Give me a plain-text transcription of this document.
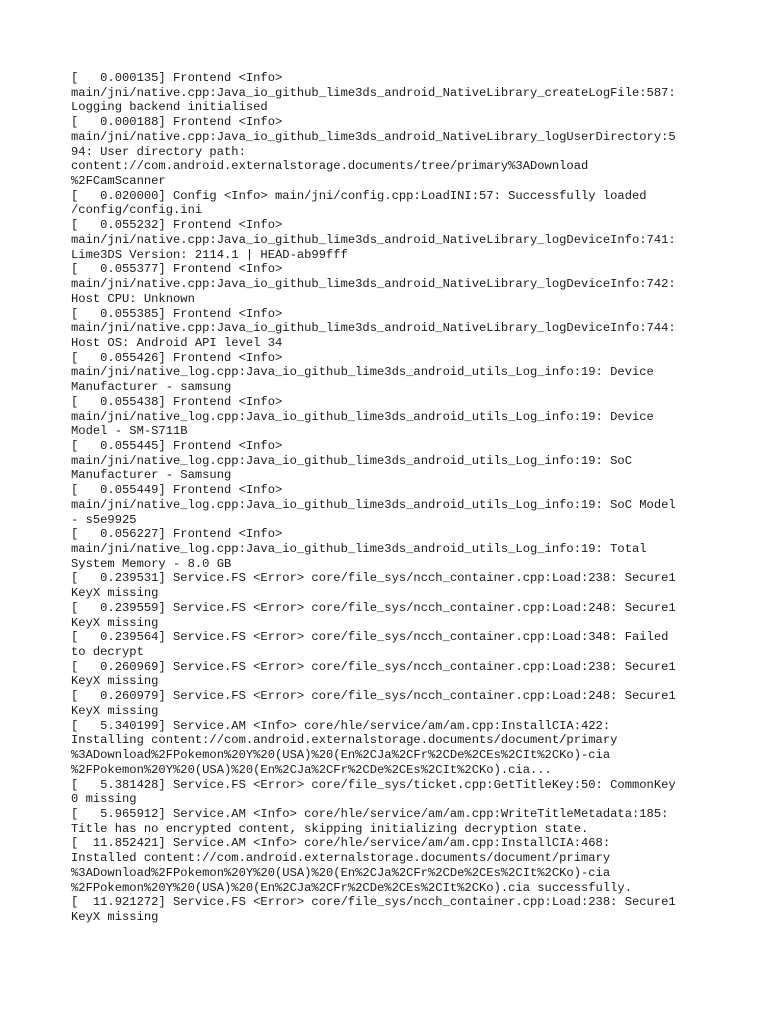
[   0.000135] Frontend <Info>
main/jni/native.cpp:Java_io_github_lime3ds_android_NativeLibrary_createLogFile:587:
Logging backend initialised
[   0.000188] Frontend <Info>
main/jni/native.cpp:Java_io_github_lime3ds_android_NativeLibrary_logUserDirectory:5
94: User directory path:
content://com.android.externalstorage.documents/tree/primary%3ADownload
%2FCamScanner
[   0.020000] Config <Info> main/jni/config.cpp:LoadINI:57: Successfully loaded
/config/config.ini
[   0.055232] Frontend <Info>
main/jni/native.cpp:Java_io_github_lime3ds_android_NativeLibrary_logDeviceInfo:741:
Lime3DS Version: 2114.1 | HEAD-ab99fff
[   0.055377] Frontend <Info>
main/jni/native.cpp:Java_io_github_lime3ds_android_NativeLibrary_logDeviceInfo:742:
Host CPU: Unknown
[   0.055385] Frontend <Info>
main/jni/native.cpp:Java_io_github_lime3ds_android_NativeLibrary_logDeviceInfo:744:
Host OS: Android API level 34
[   0.055426] Frontend <Info>
main/jni/native_log.cpp:Java_io_github_lime3ds_android_utils_Log_info:19: Device
Manufacturer - samsung
[   0.055438] Frontend <Info>
main/jni/native_log.cpp:Java_io_github_lime3ds_android_utils_Log_info:19: Device
Model - SM-S711B
[   0.055445] Frontend <Info>
main/jni/native_log.cpp:Java_io_github_lime3ds_android_utils_Log_info:19: SoC
Manufacturer - Samsung
[   0.055449] Frontend <Info>
main/jni/native_log.cpp:Java_io_github_lime3ds_android_utils_Log_info:19: SoC Model
- s5e9925
[   0.056227] Frontend <Info>
main/jni/native_log.cpp:Java_io_github_lime3ds_android_utils_Log_info:19: Total
System Memory - 8.0 GB
[   0.239531] Service.FS <Error> core/file_sys/ncch_container.cpp:Load:238: Secure1
KeyX missing
[   0.239559] Service.FS <Error> core/file_sys/ncch_container.cpp:Load:248: Secure1
KeyX missing
[   0.239564] Service.FS <Error> core/file_sys/ncch_container.cpp:Load:348: Failed
to decrypt
[   0.260969] Service.FS <Error> core/file_sys/ncch_container.cpp:Load:238: Secure1
KeyX missing
[   0.260979] Service.FS <Error> core/file_sys/ncch_container.cpp:Load:248: Secure1
KeyX missing
[   5.340199] Service.AM <Info> core/hle/service/am/am.cpp:InstallCIA:422:
Installing content://com.android.externalstorage.documents/document/primary
%3ADownload%2FPokemon%20Y%20(USA)%20(En%2CJa%2CFr%2CDe%2CEs%2CIt%2CKo)-cia
%2FPokemon%20Y%20(USA)%20(En%2CJa%2CFr%2CDe%2CEs%2CIt%2CKo).cia...
[   5.381428] Service.FS <Error> core/file_sys/ticket.cpp:GetTitleKey:50: CommonKey
0 missing
[   5.965912] Service.AM <Info> core/hle/service/am/am.cpp:WriteTitleMetadata:185:
Title has no encrypted content, skipping initializing decryption state.
[  11.852421] Service.AM <Info> core/hle/service/am/am.cpp:InstallCIA:468:
Installed content://com.android.externalstorage.documents/document/primary
%3ADownload%2FPokemon%20Y%20(USA)%20(En%2CJa%2CFr%2CDe%2CEs%2CIt%2CKo)-cia
%2FPokemon%20Y%20(USA)%20(En%2CJa%2CFr%2CDe%2CEs%2CIt%2CKo).cia successfully.
[  11.921272] Service.FS <Error> core/file_sys/ncch_container.cpp:Load:238: Secure1
KeyX missing
